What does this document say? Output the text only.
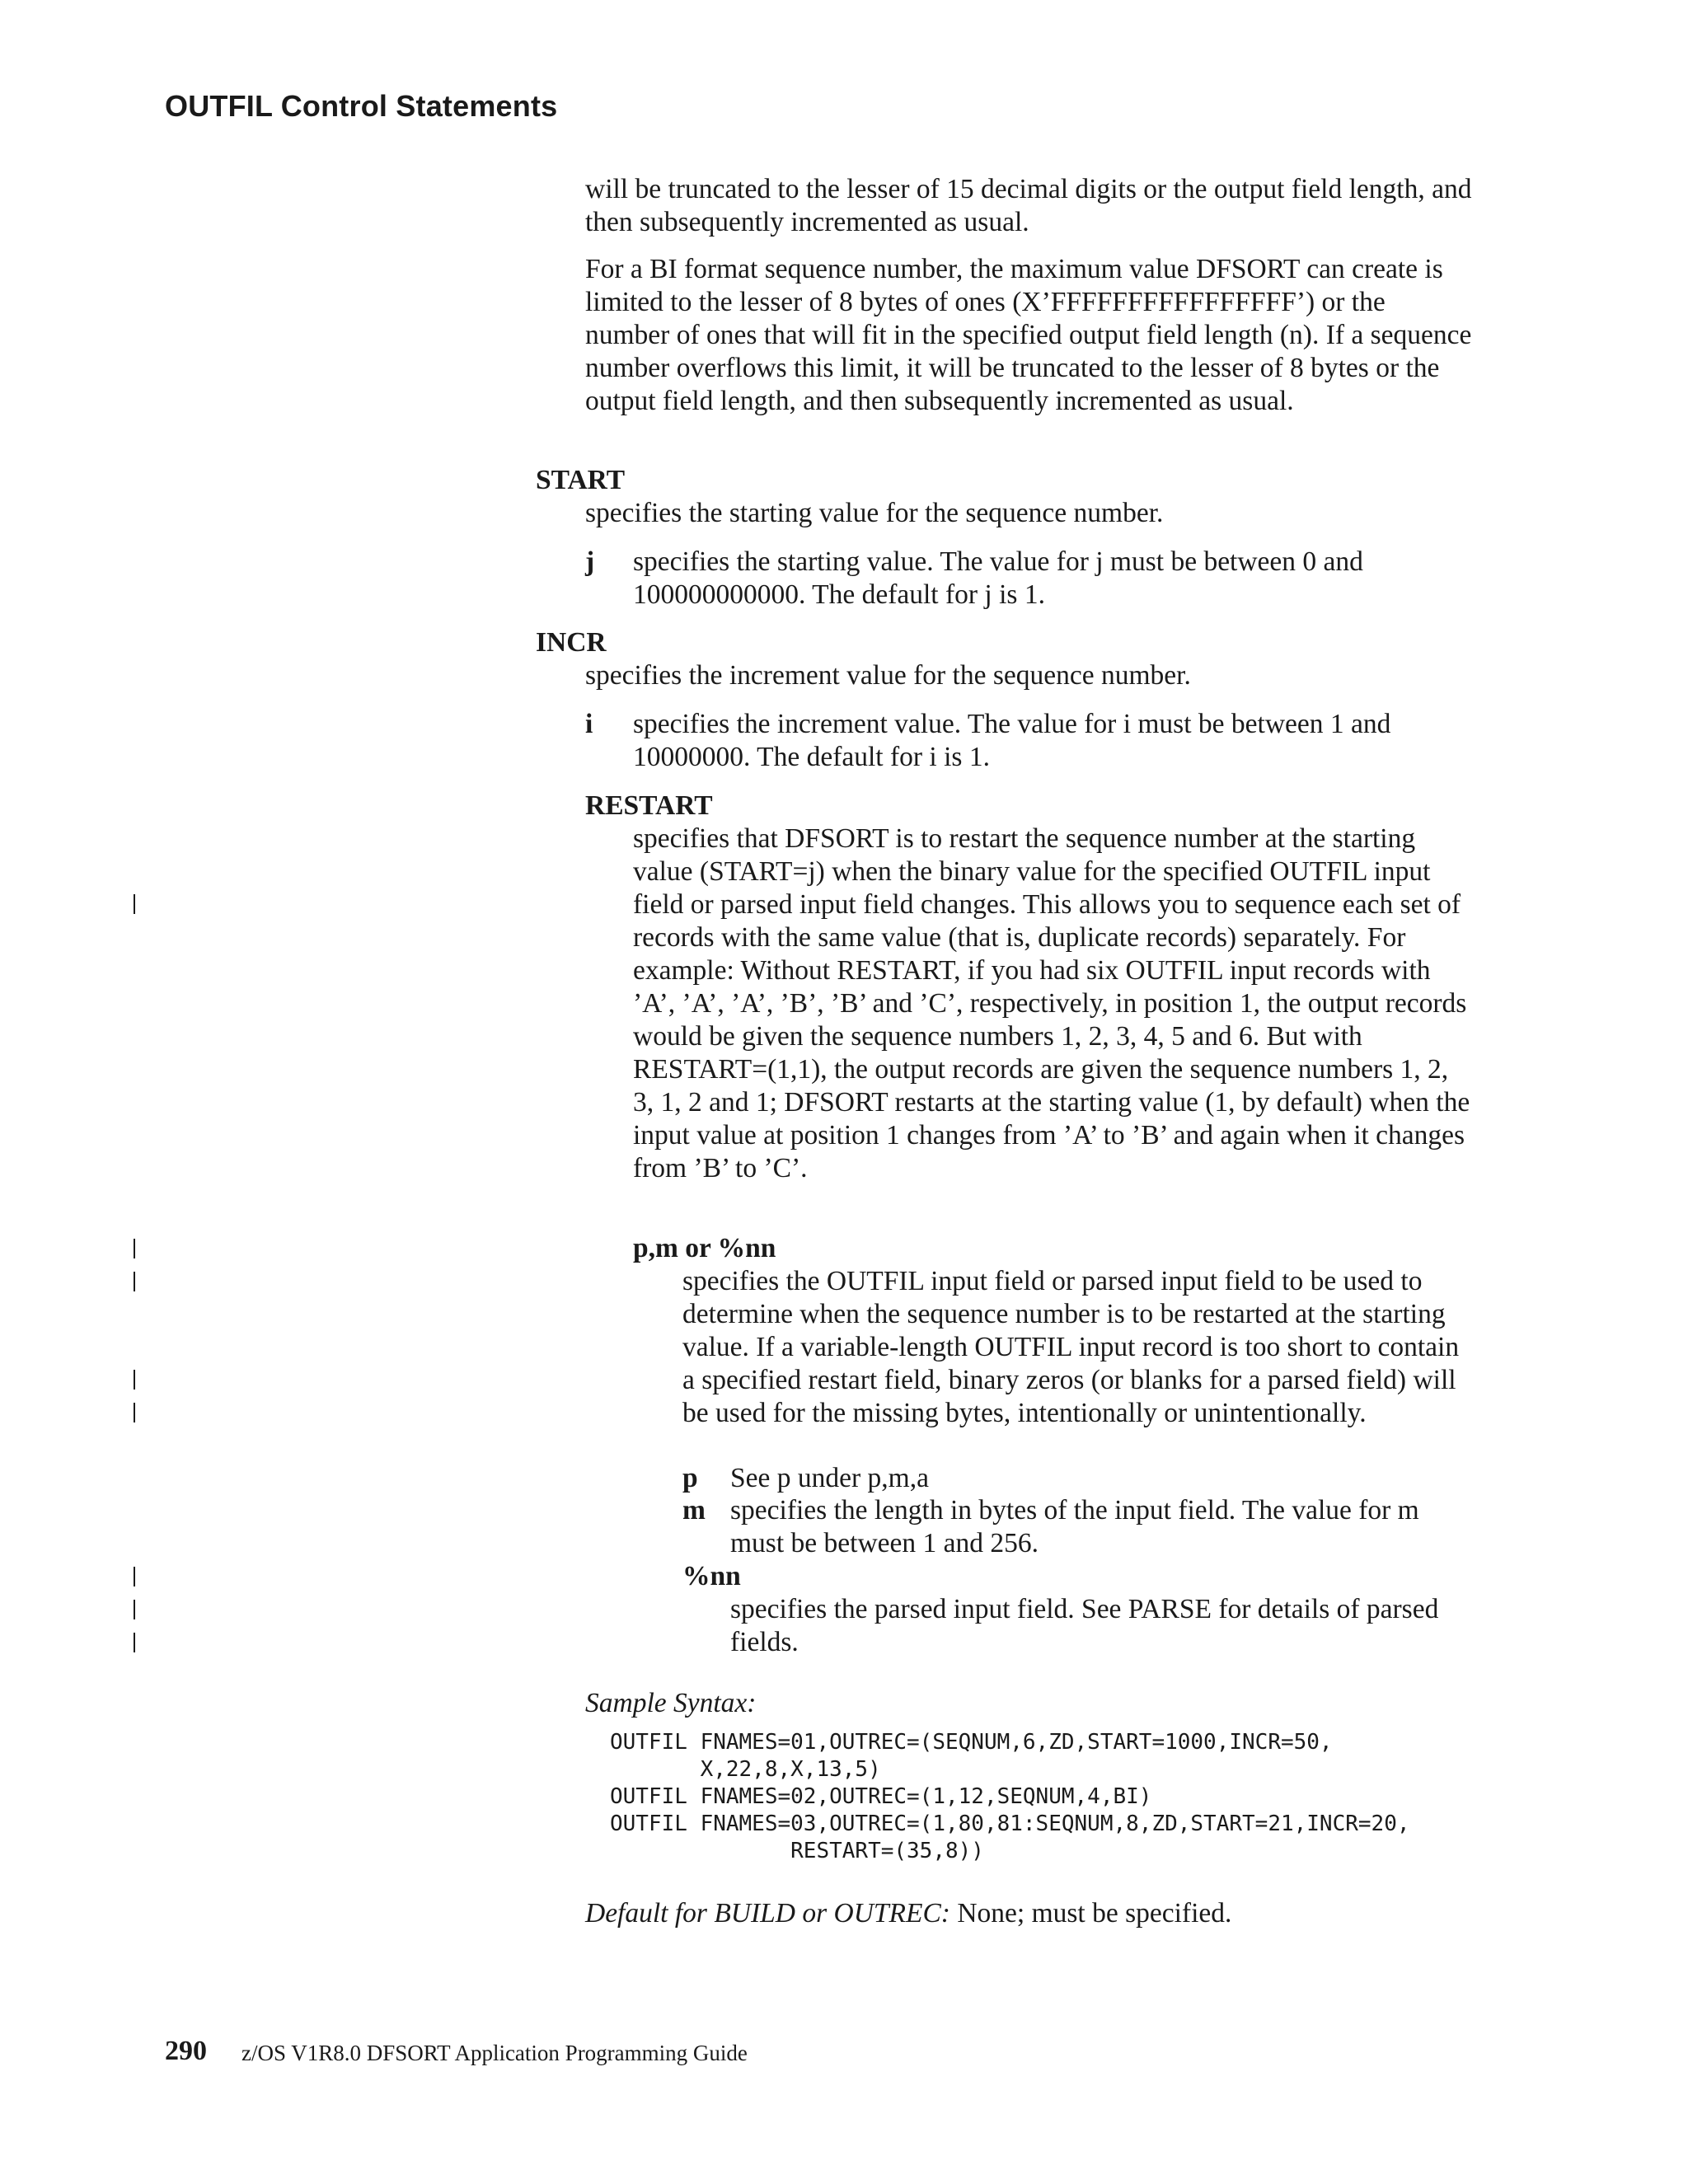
OUTFIL Control Statements

will be truncated to the lesser of 15 decimal digits or the output field length, and then subsequently incremented as usual.

For a BI format sequence number, the maximum value DFSORT can create is limited to the lesser of 8 bytes of ones (X’FFFFFFFFFFFFFFFF’) or the number of ones that will fit in the specified output field length (n). If a sequence number overflows this limit, it will be truncated to the lesser of 8 bytes or the output field length, and then subsequently incremented as usual.

START

specifies the starting value for the sequence number.

j specifies the starting value. The value for j must be between 0 and 100000000000. The default for j is 1.

INCR

specifies the increment value for the sequence number.

i specifies the increment value. The value for i must be between 1 and 10000000. The default for i is 1.

RESTART

specifies that DFSORT is to restart the sequence number at the starting value (START=j) when the binary value for the specified OUTFIL input field or parsed input field changes. This allows you to sequence each set of records with the same value (that is, duplicate records) separately. For example: Without RESTART, if you had six OUTFIL input records with ’A’, ’A’, ’A’, ’B’, ’B’ and ’C’, respectively, in position 1, the output records would be given the sequence numbers 1, 2, 3, 4, 5 and 6. But with RESTART=(1,1), the output records are given the sequence numbers 1, 2, 3, 1, 2 and 1; DFSORT restarts at the starting value (1, by default) when the input value at position 1 changes from ’A’ to ’B’ and again when it changes from ’B’ to ’C’.

p,m or %nn

specifies the OUTFIL input field or parsed input field to be used to determine when the sequence number is to be restarted at the starting value. If a variable-length OUTFIL input record is too short to contain a specified restart field, binary zeros (or blanks for a parsed field) will be used for the missing bytes, intentionally or unintentionally.

p See p under p,m,a

m specifies the length in bytes of the input field. The value for m must be between 1 and 256.

%nn

specifies the parsed input field. See PARSE for details of parsed fields.

Sample Syntax:

OUTFIL FNAMES=01,OUTREC=(SEQNUM,6,ZD,START=1000,INCR=50,

X,22,8,X,13,5)

OUTFIL FNAMES=02,OUTREC=(1,12,SEQNUM,4,BI)

OUTFIL FNAMES=03,OUTREC=(1,80,81:SEQNUM,8,ZD,START=21,INCR=20,

RESTART=(35,8))

Default for BUILD or OUTREC: None; must be specified.

290 z/OS V1R8.0 DFSORT Application Programming Guide
